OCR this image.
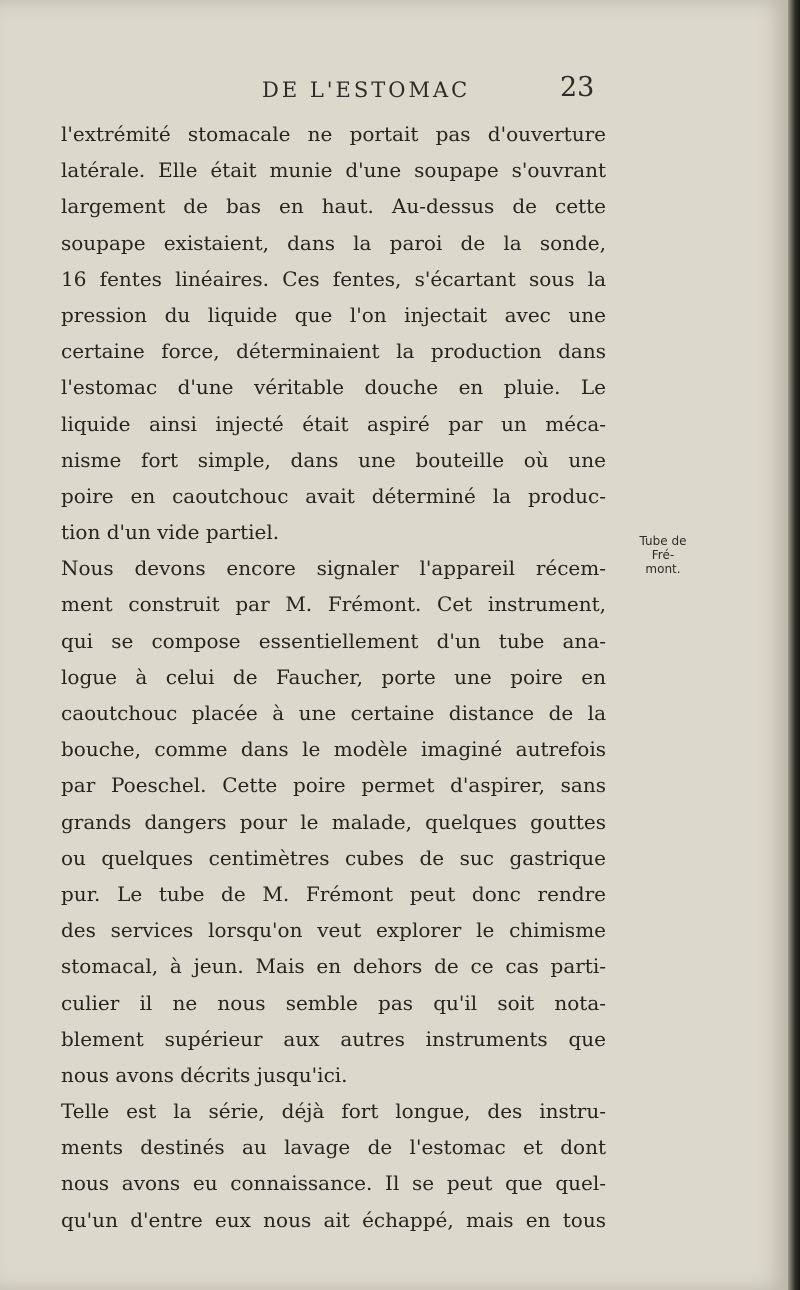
DE L'ESTOMAC	23
l'extrémité stomacale ne portait pas d'ouverture
latérale. Elle était munie d'une soupape s'ouvrant
largement de bas en haut. Au-dessus de cette
soupape existaient, dans la paroi de la sonde,
16 fentes linéaires. Ces fentes, s'écartant sous la
pression du liquide que l'on injectait avec une
certaine force, déterminaient la production dans
l'estomac d'une véritable douche en pluie. Le
liquide ainsi injecté était aspiré par un méca-
nisme fort simple, dans une bouteille où une
poire en caoutchouc avait déterminé la produc-
tion d'un vide partiel.
Nous devons encore signaler l'appareil récem-
ment construit par M. Frémont. Cet instrument,
qui se compose essentiellement d'un tube ana-
logue à celui de Faucher, porte une poire en
caoutchouc placée à une certaine distance de la
bouche, comme dans le modèle imaginé autrefois
par Poeschel. Cette poire permet d'aspirer, sans
grands dangers pour le malade, quelques gouttes
ou quelques centimètres cubes de suc gastrique
pur. Le tube de M. Frémont peut donc rendre
des services lorsqu'on veut explorer le chimisme
stomacal, à jeun. Mais en dehors de ce cas parti-
culier il ne nous semble pas qu'il soit nota-
blement supérieur aux autres instruments que
nous avons décrits jusqu'ici.
Telle est la série, déjà fort longue, des instru-
ments destinés au lavage de l'estomac et dont
nous avons eu connaissance. Il se peut que quel-
qu'un d'entre eux nous ait échappé, mais en tous
Tube de Fré-
mont.
